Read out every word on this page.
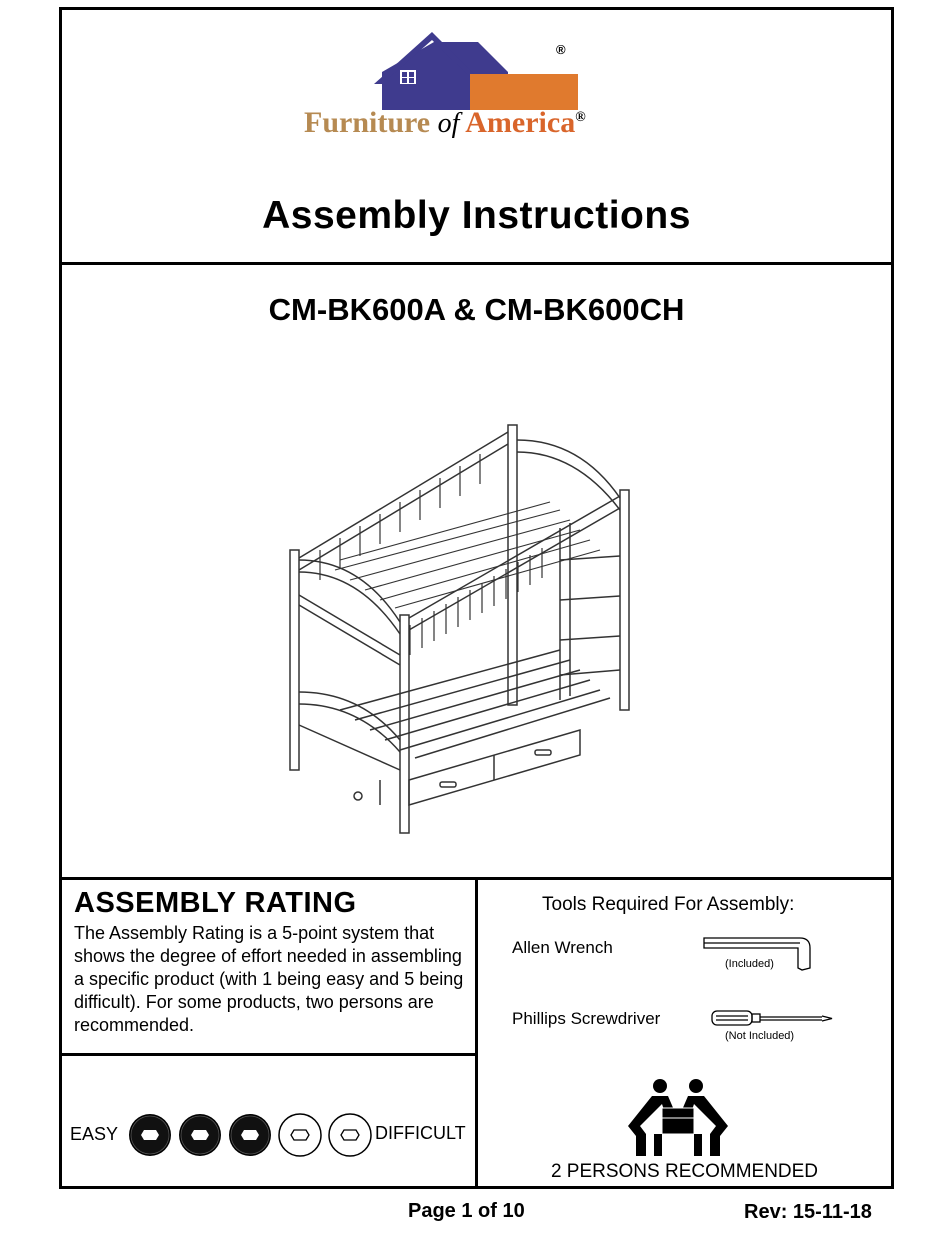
®
Furniture of America®
Assembly Instructions
CM-BK600A & CM-BK600CH
ASSEMBLY RATING
The Assembly Rating is a 5-point system that shows the degree of effort needed in assembling a specific product (with 1 being easy and 5 being difficult). For some products, two persons are recommended.
Tools Required For Assembly:
Allen Wrench
(Included)
Phillips Screwdriver
(Not Included)
EASY	DIFFICULT
2 PERSONS RECOMMENDED
Page 1 of 10	Rev: 15-11-18
